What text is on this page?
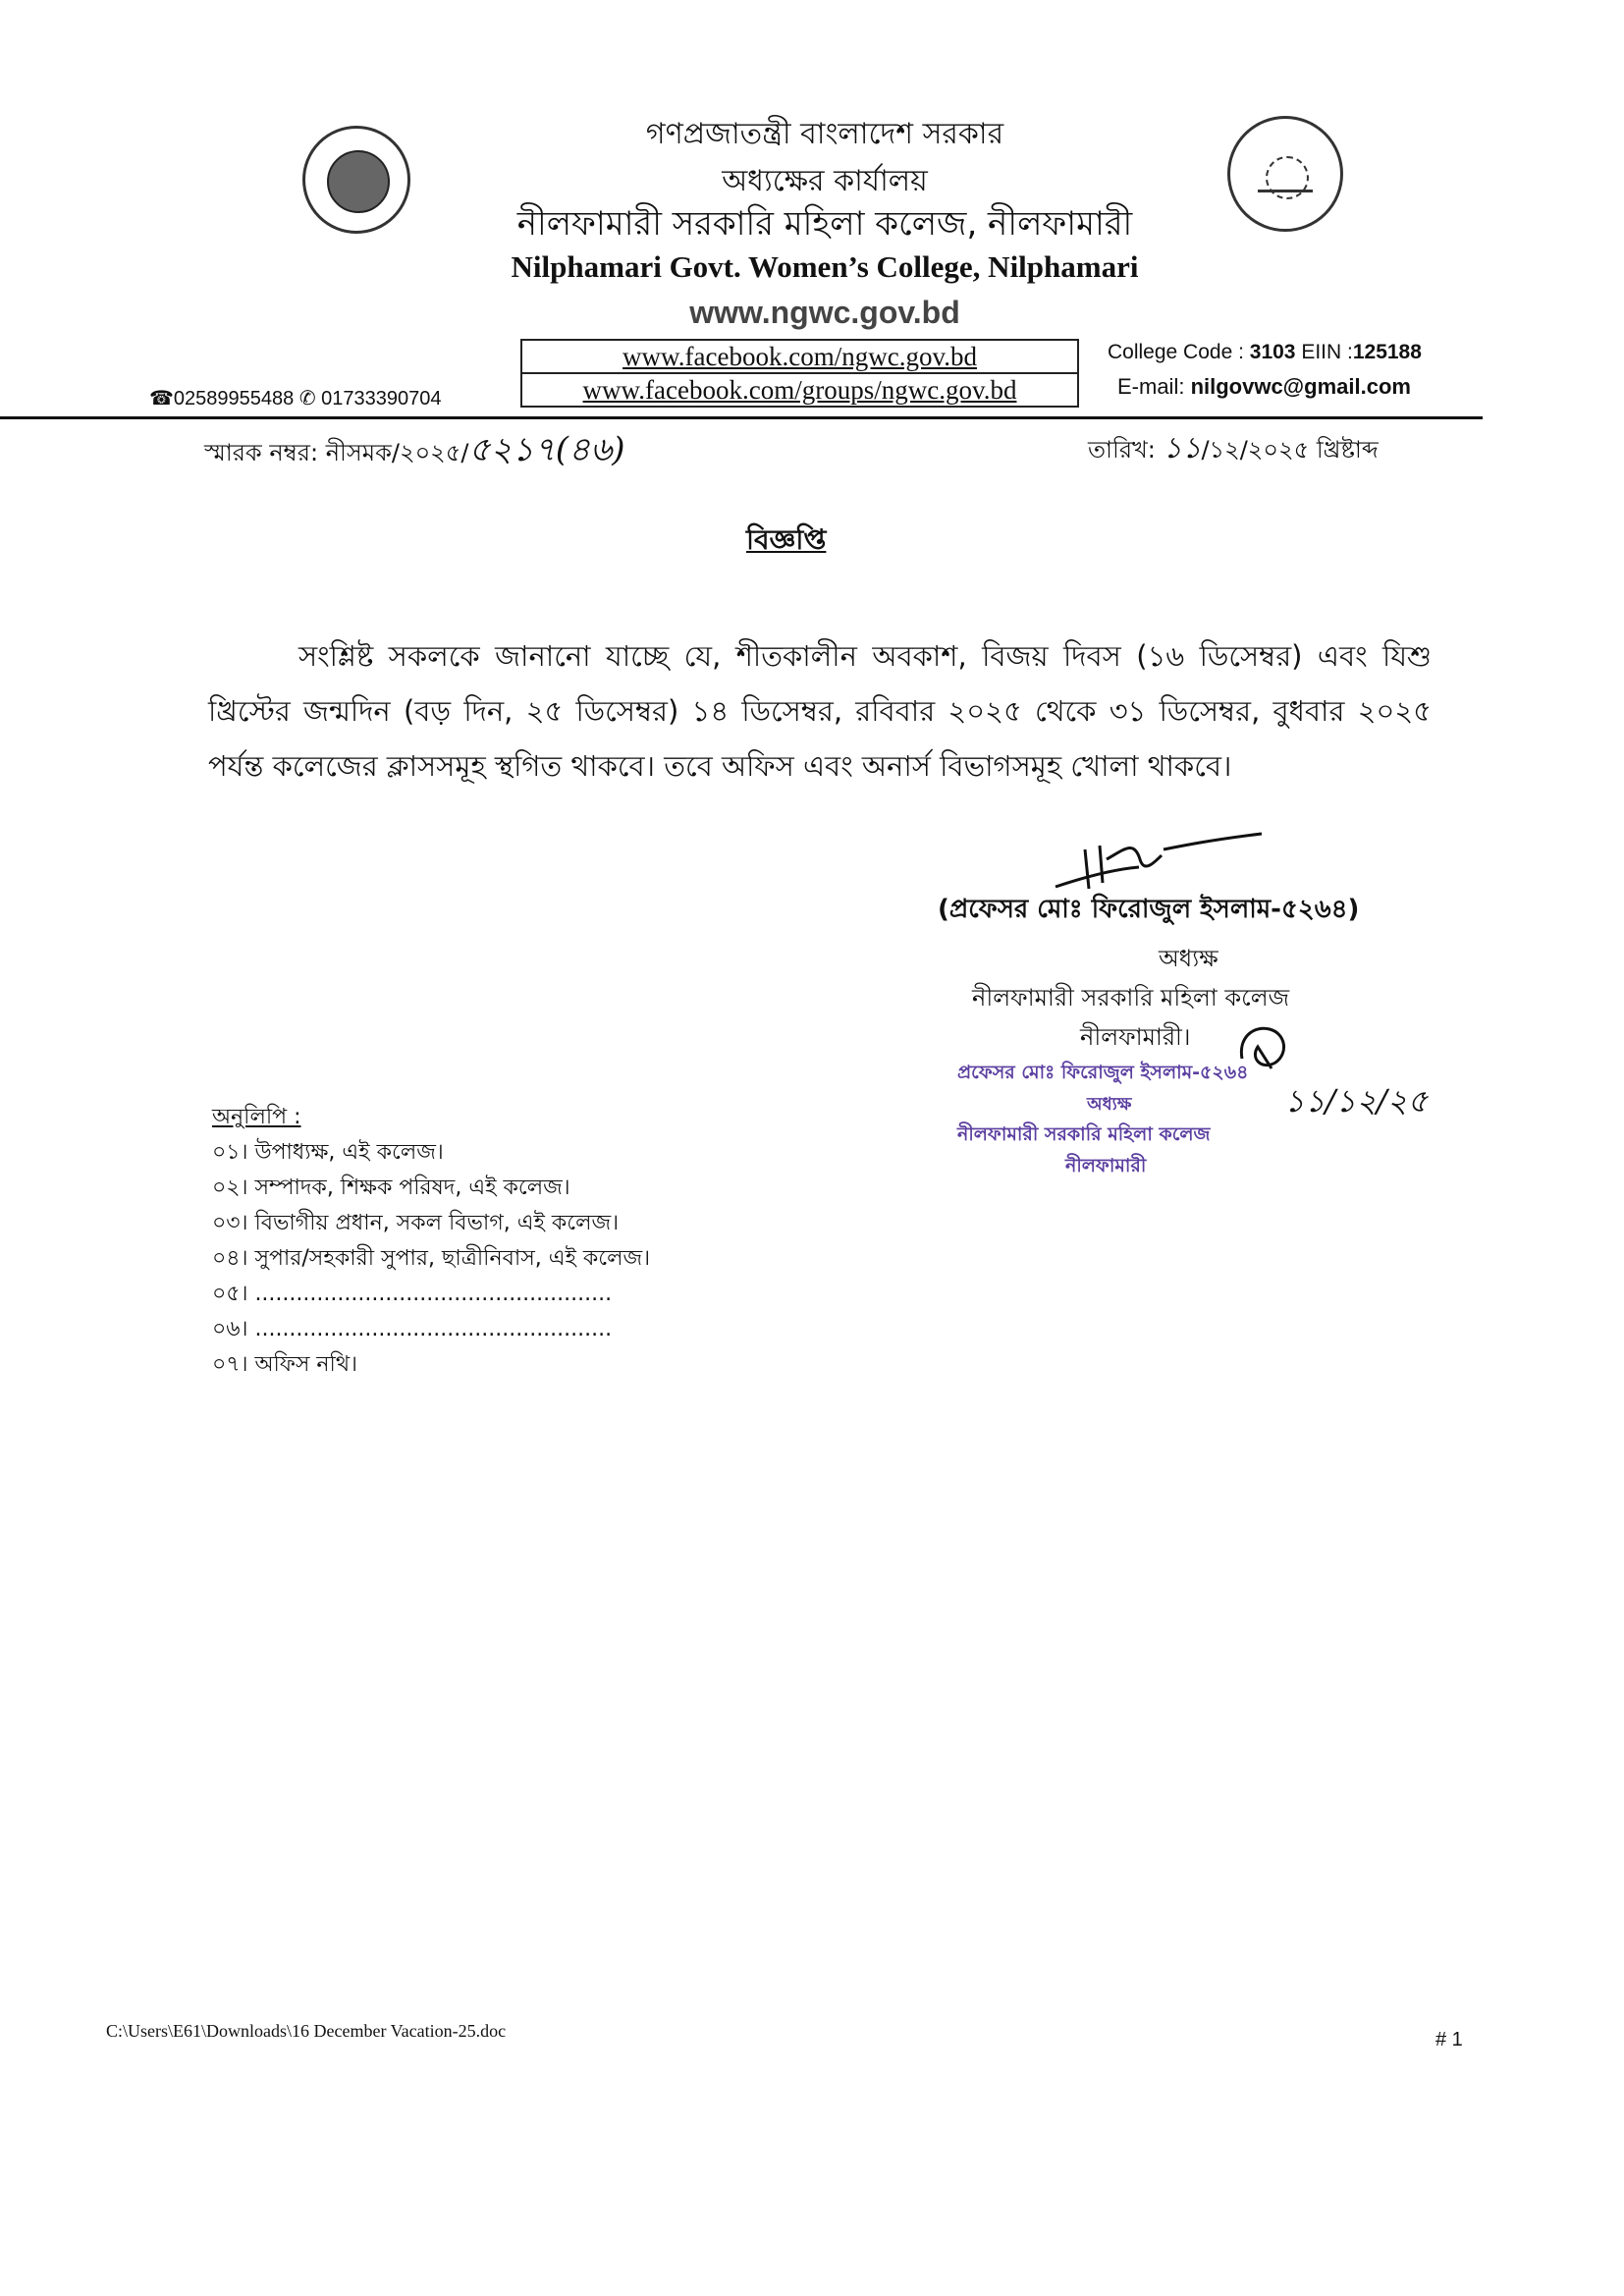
গণপ্রজাতন্ত্রী বাংলাদেশ সরকার
অধ্যক্ষের কার্যালয়
নীলফামারী সরকারি মহিলা কলেজ, নীলফামারী
Nilphamari Govt. Women’s College, Nilphamari
www.ngwc.gov.bd
www.facebook.com/ngwc.gov.bd
www.facebook.com/groups/ngwc.gov.bd
☎02589955488 ✆ 01733390704
College Code : 3103 EIIN :125188
E-mail: nilgovwc@gmail.com
স্মারক নম্বর: নীসমক/২০২৫/৫২১৭(৪৬)	তারিখ: ১১/১২/২০২৫ খ্রিষ্টাব্দ
বিজ্ঞপ্তি
সংশ্লিষ্ট সকলকে জানানো যাচ্ছে যে, শীতকালীন অবকাশ, বিজয় দিবস (১৬ ডিসেম্বর) এবং যিশু খ্রিস্টের জন্মদিন (বড় দিন, ২৫ ডিসেম্বর) ১৪ ডিসেম্বর, রবিবার ২০২৫ থেকে ৩১ ডিসেম্বর, বুধবার ২০২৫ পর্যন্ত কলেজের ক্লাসসমূহ স্থগিত থাকবে। তবে অফিস এবং অনার্স বিভাগসমূহ খোলা থাকবে।
(প্রফেসর মোঃ ফিরোজুল ইসলাম-৫২৬৪)
অধ্যক্ষ
নীলফামারী সরকারি মহিলা কলেজ
নীলফামারী।
প্রফেসর মোঃ ফিরোজুল ইসলাম-৫২৬৪
অধ্যক্ষ
নীলফামারী সরকারি মহিলা কলেজ
নীলফামারী
১১/১২/২৫
অনুলিপি :
০১। উপাধ্যক্ষ, এই কলেজ।
০২। সম্পাদক, শিক্ষক পরিষদ, এই কলেজ।
০৩। বিভাগীয় প্রধান, সকল বিভাগ, এই কলেজ।
০৪। সুপার/সহকারী সুপার, ছাত্রীনিবাস, এই কলেজ।
০৫। ....................................................
০৬। ....................................................
০৭। অফিস নথি।
C:\Users\E61\Downloads\16 December Vacation-25.doc	# 1
